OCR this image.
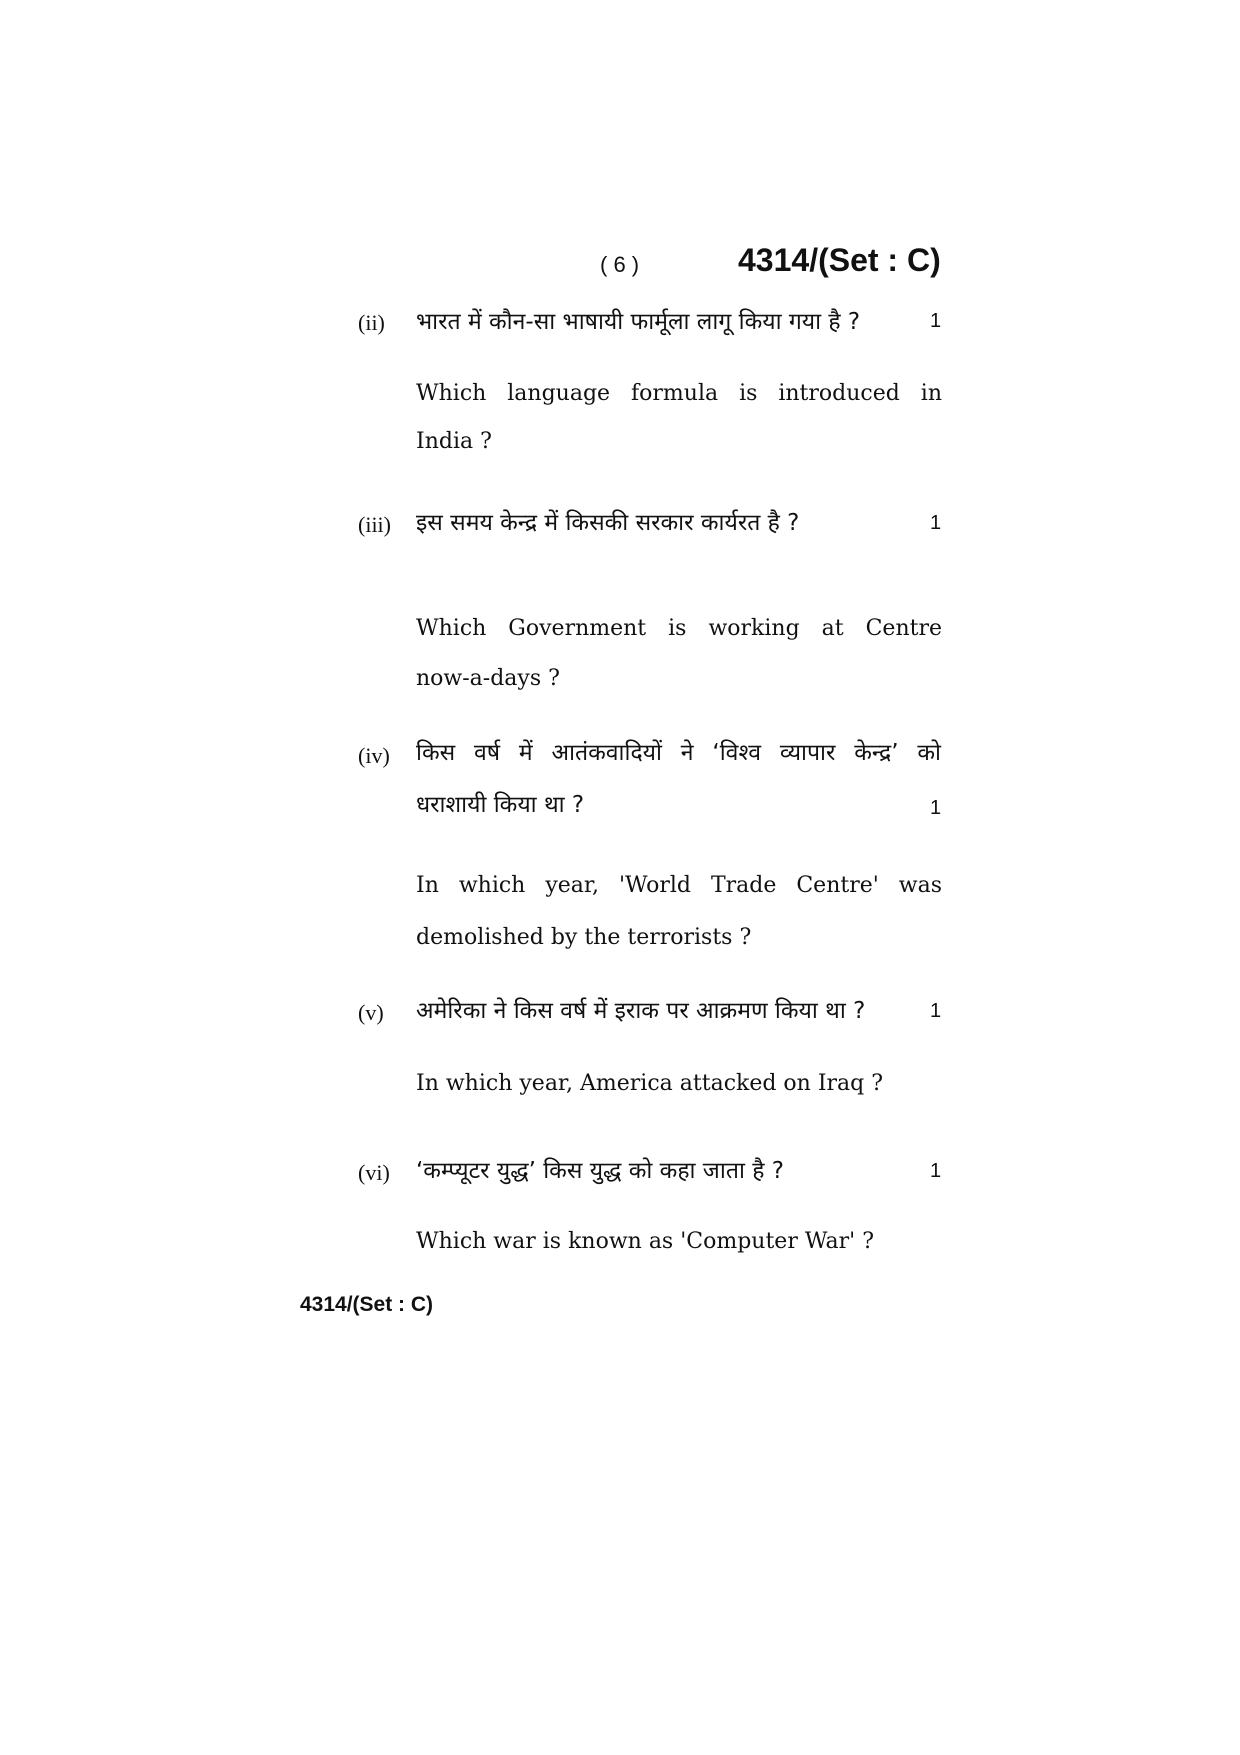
( 6 )	4314/(Set : C)
(ii) भारत में कौन-सा भाषायी फार्मूला लागू किया गया है ?	1
Which language formula is introduced in
India ?
(iii) इस समय केन्द्र में किसकी सरकार कार्यरत है ?	1
Which Government is working at Centre
now-a-days ?
(iv) किस वर्ष में आतंकवादियों ने ‘विश्व व्यापार केन्द्र’ को
धराशायी किया था ?	1
In which year, 'World Trade Centre' was
demolished by the terrorists ?
(v) अमेरिका ने किस वर्ष में इराक पर आक्रमण किया था ?	1
In which year, America attacked on Iraq ?
(vi) ‘कम्प्यूटर युद्ध’ किस युद्ध को कहा जाता है ?	1
Which war is known as 'Computer War' ?
4314/(Set : C)
